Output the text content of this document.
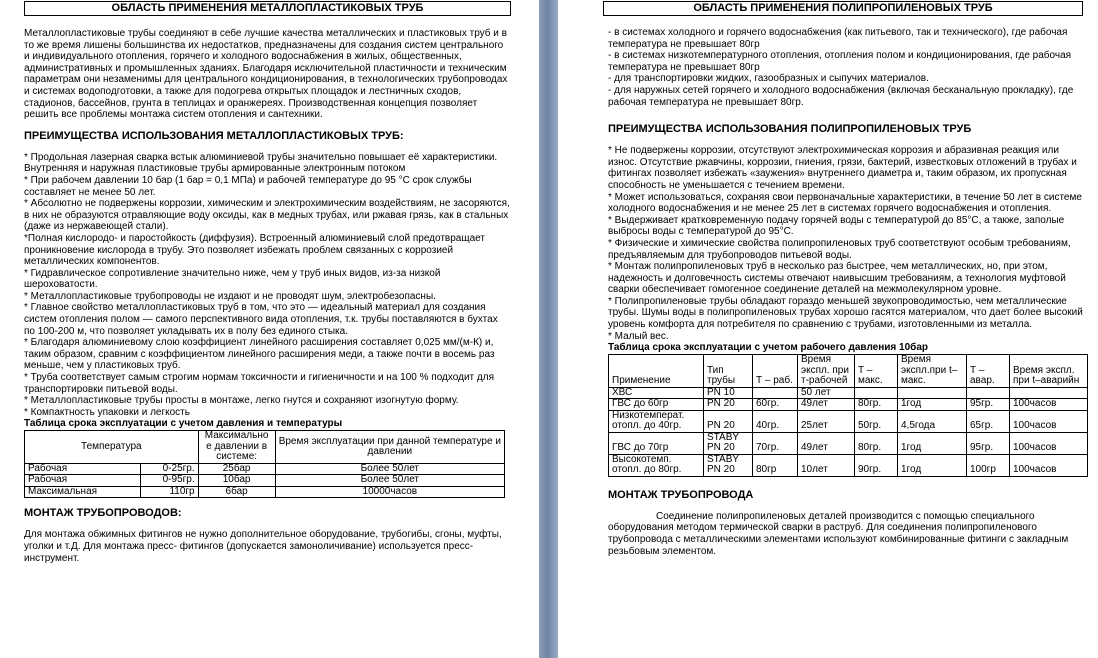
ОБЛАСТЬ ПРИМЕНЕНИЯ МЕТАЛЛОПЛАСТИКОВЫХ ТРУБ

Металлопластиковые трубы соединяют в себе лучшие качества металлических и пластиковых труб и в то же время лишены большинства их недостатков, предназначены для создания систем центрального и индивидуального отопления, горячего и холодного водоснабжения в жилых, общественных, административных и промышленных зданиях. Благодаря исключительной пластичности и техническим параметрам они незаменимы для центрального кондиционирования, в технологических трубопроводах и системах водоподготовки, а также для подогрева открытых площадок и лестничных сходов, стадионов, бассейнов, грунта в теплицах и оранжереях. Производственная концепция позволяет решить все проблемы монтажа систем отопления и сантехники.

ПРЕИМУЩЕСТВА ИСПОЛЬЗОВАНИЯ МЕТАЛЛОПЛАСТИКОВЫХ ТРУБ:

* Продольная лазерная сварка встык алюминиевой трубы значительно повышает её характеристики. Внутренняя и наружная пластиковые трубы армированные электронным потоком

* При рабочем давлении 10 бар (1 бар = 0,1 МПа) и рабочей температуре до 95 °С срок службы составляет не менее 50 лет.

* Абсолютно не подвержены коррозии, химическим и электрохимическим воздействиям, не засоряются, в них не образуются отравляющие воду оксиды, как в медных трубах, или ржавая грязь, как в стальных (даже из нержавеющей стали).

*Полная кислородо- и паростойкость (диффузия). Встроенный алюминиевый слой предотвращает проникновение кислорода в трубу. Это позволяет избежать проблем связанных с коррозией металлических компонентов.

* Гидравлическое сопротивление значительно ниже, чем у труб иных видов, из-за низкой шероховатости.

* Металлопластиковые трубопроводы не издают и не проводят шум, электробезопасны.

* Главное свойство металлопластиковых труб в том, что это — идеальный материал для создания систем отопления полом — самого перспективного вида отопления, т.к. трубы поставляются в бухтах по 100-200 м, что позволяет укладывать их в полу без единого стыка.

* Благодаря алюминиевому слою коэффициент линейного расширения составляет 0,025 мм/(м-К) и, таким образом, сравним с коэффициентом линейного расширения меди, а также почти в восемь раз меньше, чем у пластиковых труб.

* Труба соответствует самым строгим нормам токсичности и гигиеничности и на 100 % подходит для транспортировки питьевой воды.

* Металлопластиковые трубы просты в монтаже, легко гнутся и сохраняют изогнутую форму.

* Компактность упаковки и легкость

Таблица срока эксплуатации с учетом давления и температуры

Температура		Максимально е давлении в системе:	Время эксплуатации при данной температуре и давлении
Рабочая	0-25гр.	25бар	Более 50лет
Рабочая	0-95гр.	10бар	Более 50лет
Максимальная	110гр	6бар	10000часов
МОНТАЖ ТРУБОПРОВОДОВ:

Для монтажа обжимных фитингов не нужно дополнительное оборудование, трубогибы, сгоны, муфты, уголки и т.Д. Для монтажа пресс- фитингов (допускается замоноличивание) используется пресс-инструмент.

ОБЛАСТЬ ПРИМЕНЕНИЯ ПОЛИПРОПИЛЕНОВЫХ ТРУБ

- в системах холодного и горячего водоснабжения (как питьевого, так и технического), где рабочая температура не превышает 80гр

- в системах низкотемпературного отопления, отопления полом и кондиционирования, где рабочая температура не превышает 80гр

- для транспортировки жидких, газообразных и сыпучих материалов.

- для наружных сетей горячего и холодного водоснабжения (включая бесканальную прокладку), где рабочая температура не превышает 80гр.

ПРЕИМУЩЕСТВА ИСПОЛЬЗОВАНИЯ ПОЛИПРОПИЛЕНОВЫХ ТРУБ

* Не подвержены коррозии, отсутствуют электрохимическая коррозия и абразивная реакция или износ. Отсутствие ржавчины, коррозии, гниения, грязи, бактерий, известковых отложений в трубах и фитингах позволяет избежать «заужения» внутреннего диаметра и, таким образом, их пропускная способность не уменьшается с течением времени.

* Может использоваться, сохраняя свои первоначальные характеристики, в течение 50 лет в системе холодного водоснабжения и не менее 25 лет в системах горячего водоснабжения и отопления.

* Выдерживает кратковременную подачу горячей воды с температурой до 85°С, а также, заполые выбросы воды с температурой до 95°С.

* Физические и химические свойства полипропиленовых труб соответствуют особым требованиям, предъявляемым для трубопроводов питьевой воды.

* Монтаж полипропиленовых труб в несколько раз быстрее, чем металлических, но, при этом, надежность и долговечность системы отвечают наивысшим требованиям, а технология муфтовой сварки обеспечивает гомогенное соединение деталей на межмолекулярном уровне.

* Полипропиленовые трубы обладают гораздо меньшей звукопроводимостью, чем металлические трубы. Шумы воды в полипропиленовых трубах хорошо гасятся материалом, что дает более высокий уровень комфорта для потребителя по сравнению с трубами, изготовленными из металла.

* Малый вес.

Таблица срока эксплуатации с учетом рабочего давления 10бар

Применение	Тип трубы	Т – раб.	Время экспл. при т-рабочей	Т – макс.	Время экспл.при t–макс.	Т – авар.	Время экспл. при t–аварийн
ХВС	PN 10		50 лет				
ГВС до 60гр	PN 20	60гр.	49лет	80гр.	1год	95гр.	100часов
Низкотемперат. отопл. до 40гр.	PN 20	40гр.	25лет	50гр.	4,5года	65гр.	100часов
ГВС до 70гр	STABY PN 20	70гр.	49лет	80гр.	1год	95гр.	100часов
Высокотемп. отопл. до 80гр.	STABY PN 20	80гр	10лет	90гр.	1год	100гр	100часов
МОНТАЖ ТРУБОПРОВОДА

Соединение полипропиленовых деталей производится с помощью специального оборудования методом термической сварки в раструб. Для соединения полипропиленового трубопровода с металлическими элементами используют комбинированные фитинги с закладным резьбовым элементом.
